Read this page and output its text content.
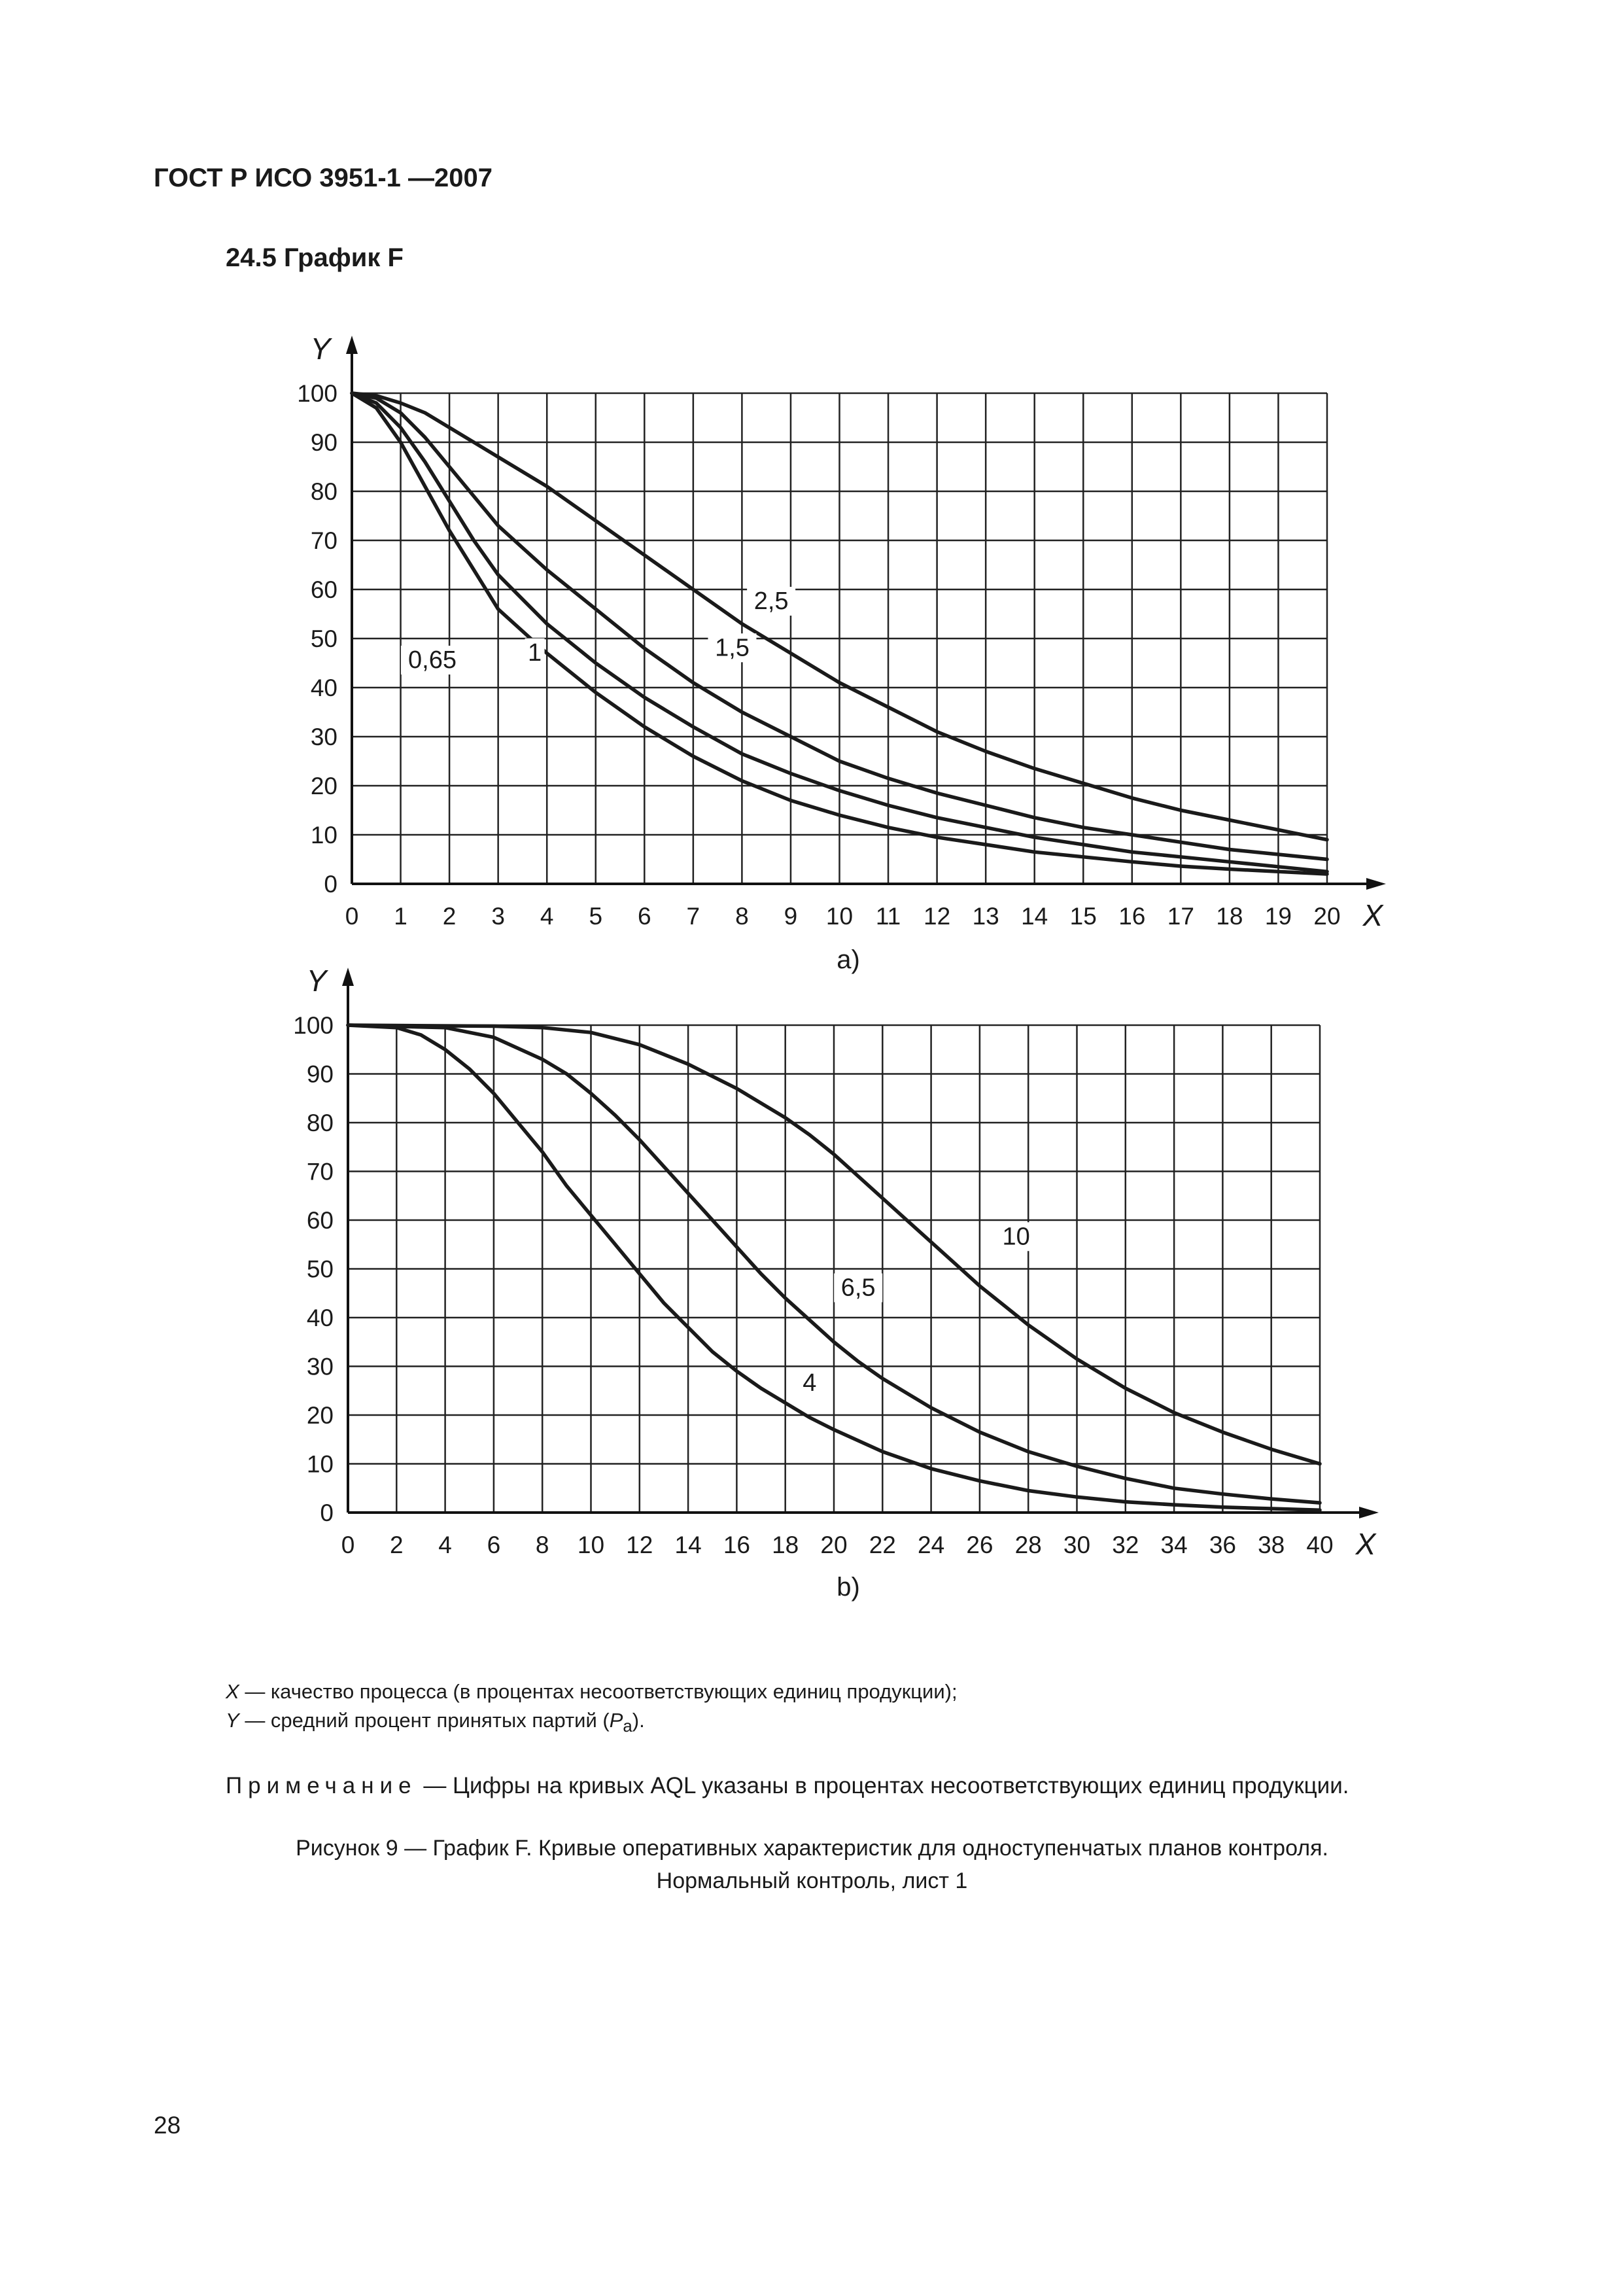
ГОСТ Р ИСО 3951-1 —2007
24.5 График F
0
10
20
30
40
50
60
70
80
90
100
0 1 2 3 4 5 6 7 8 9 10 11 12 13 14 15 16 17 18 19 20
Y
X
0,65	1	1,5
2,5
a)
0
10
20
30
40
50
60
70
80
90
100
0 2 4 6 8 10 12 14 16 18 20 22 24 26 28 30 32 34 36 38 40
Y
X
4
6,5
10
b)
X — качество процесса (в процентах несоответствующих единиц продукции);
Y — средний процент принятых партий $(P_a)$.
Примечание — Цифры на кривых AQL указаны в процентах несоответствующих единиц продукции.
Рисунок 9 — График F. Кривые оперативных характеристик для одноступенчатых планов контроля.
Нормальный контроль, лист 1
28
